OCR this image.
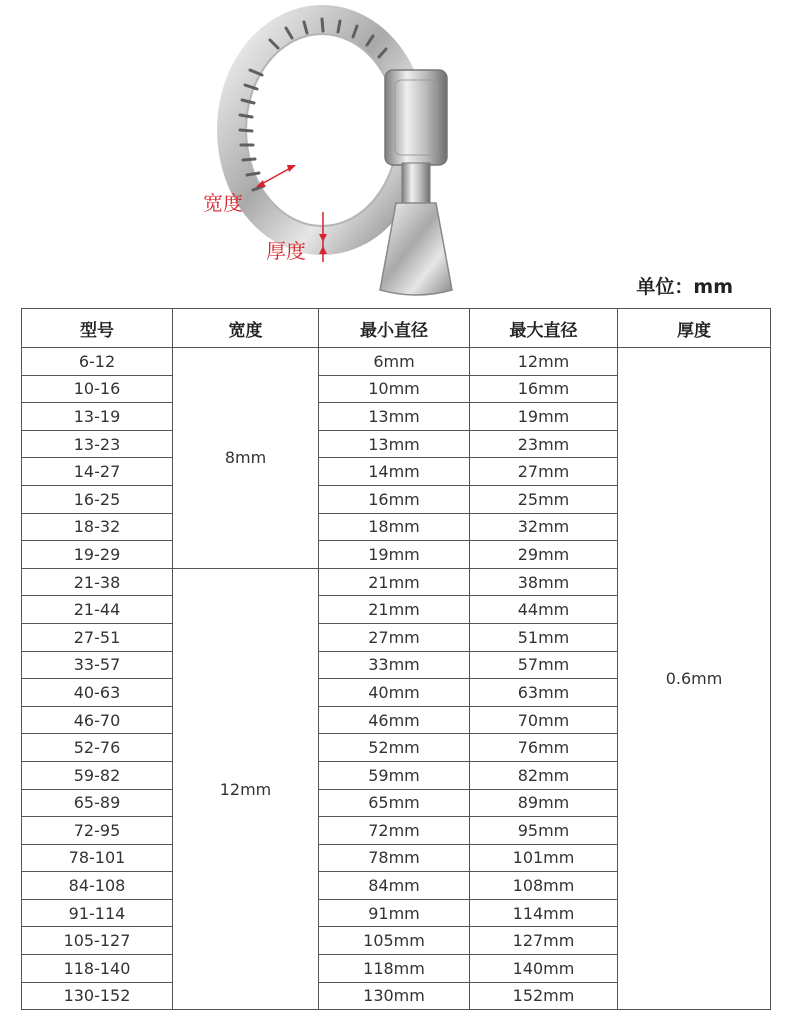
宽度
厚度
单位：mm
型号	宽度	最小直径	最大直径	厚度
6-12	8mm	6mm	12mm	0.6mm
10-16		10mm	16mm	
13-19		13mm	19mm	
13-23		13mm	23mm	
14-27		14mm	27mm	
16-25		16mm	25mm	
18-32		18mm	32mm	
19-29		19mm	29mm	
21-38	12mm	21mm	38mm	
21-44		21mm	44mm	
27-51		27mm	51mm	
33-57		33mm	57mm	
40-63		40mm	63mm	
46-70		46mm	70mm	
52-76		52mm	76mm	
59-82		59mm	82mm	
65-89		65mm	89mm	
72-95		72mm	95mm	
78-101		78mm	101mm	
84-108		84mm	108mm	
91-114		91mm	114mm	
105-127		105mm	127mm	
118-140		118mm	140mm	
130-152		130mm	152mm	
